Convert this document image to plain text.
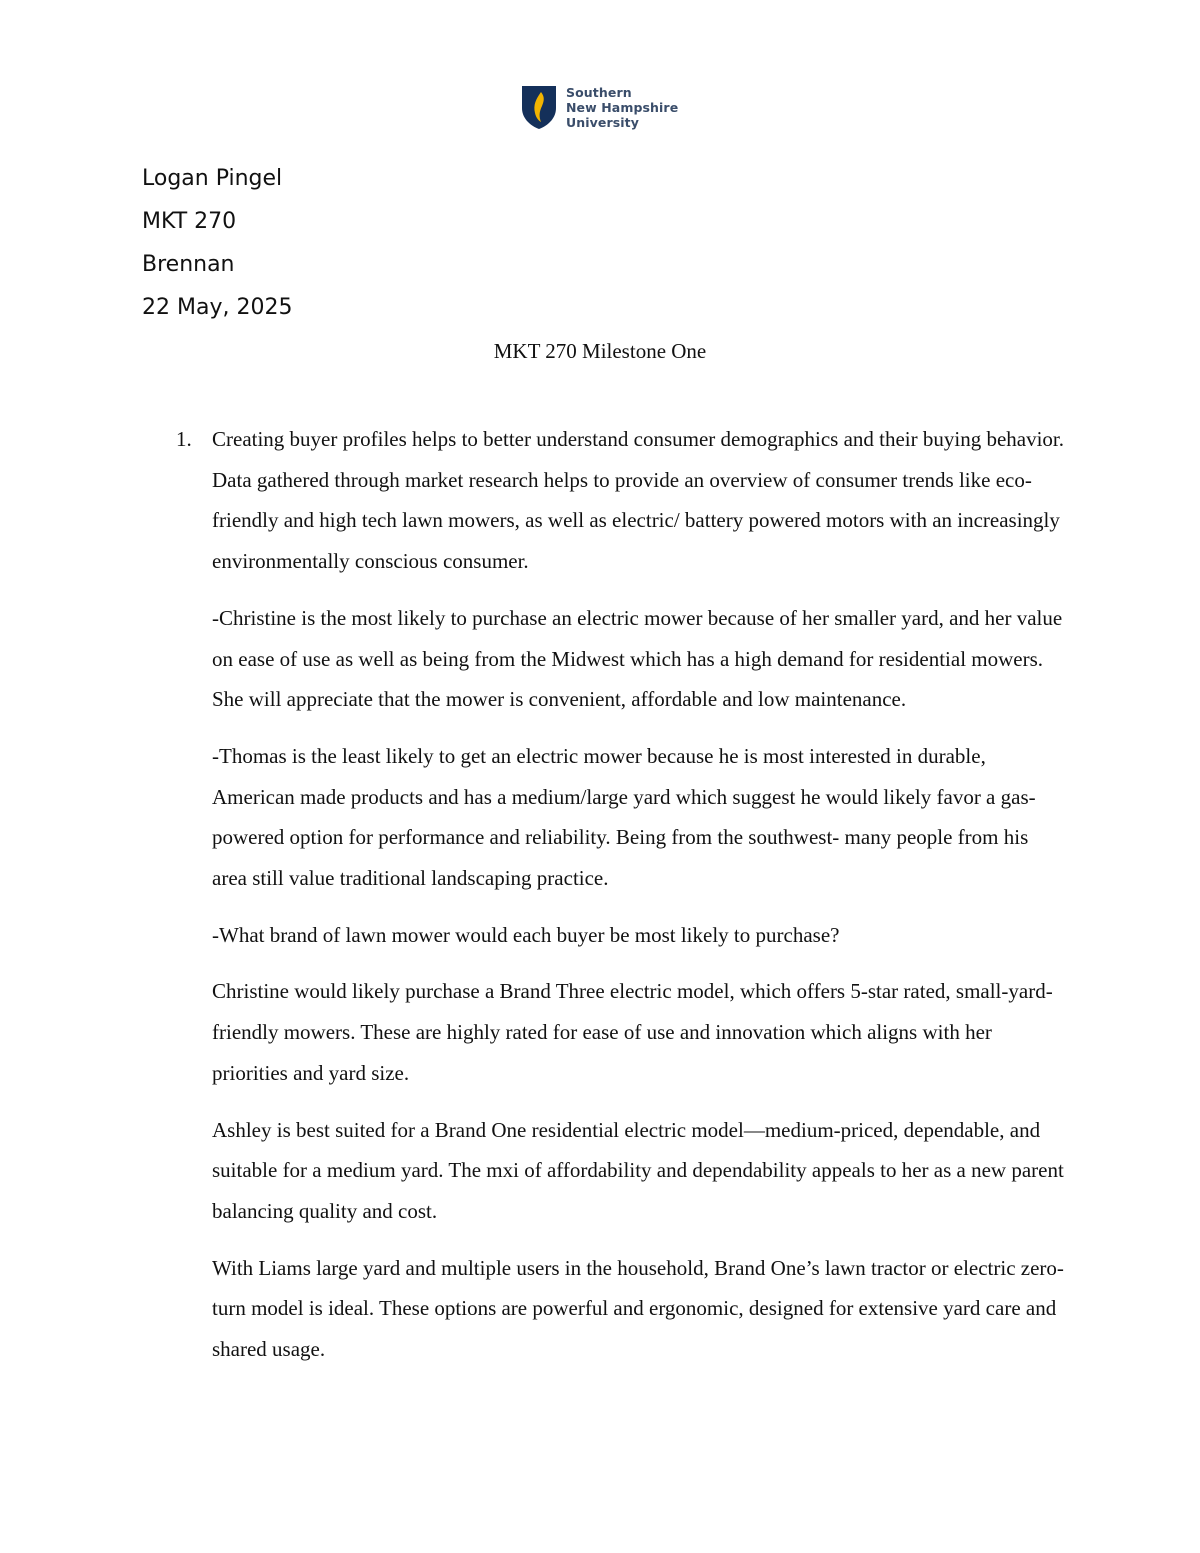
Southern
New Hampshire
University
Logan Pingel
MKT 270
Brennan
22 May, 2025
MKT 270 Milestone One
1. Creating buyer profiles helps to better understand consumer demographics and their buying behavior. Data gathered through market research helps to provide an overview of consumer trends like eco-friendly and high tech lawn mowers, as well as electric/ battery powered motors with an increasingly environmentally conscious consumer.

-Christine is the most likely to purchase an electric mower because of her smaller yard, and her value on ease of use as well as being from the Midwest which has a high demand for residential mowers. She will appreciate that the mower is convenient, affordable and low maintenance.

-Thomas is the least likely to get an electric mower because he is most interested in durable, American made products and has a medium/large yard which suggest he would likely favor a gas-powered option for performance and reliability. Being from the southwest- many people from his area still value traditional landscaping practice.

-What brand of lawn mower would each buyer be most likely to purchase?

Christine would likely purchase a Brand Three electric model, which offers 5-star rated, small-yard-friendly mowers. These are highly rated for ease of use and innovation which aligns with her priorities and yard size.

Ashley is best suited for a Brand One residential electric model—medium-priced, dependable, and suitable for a medium yard. The mxi of affordability and dependability appeals to her as a new parent balancing quality and cost.

With Liams large yard and multiple users in the household, Brand One’s lawn tractor or electric zero-turn model is ideal. These options are powerful and ergonomic, designed for extensive yard care and shared usage.
